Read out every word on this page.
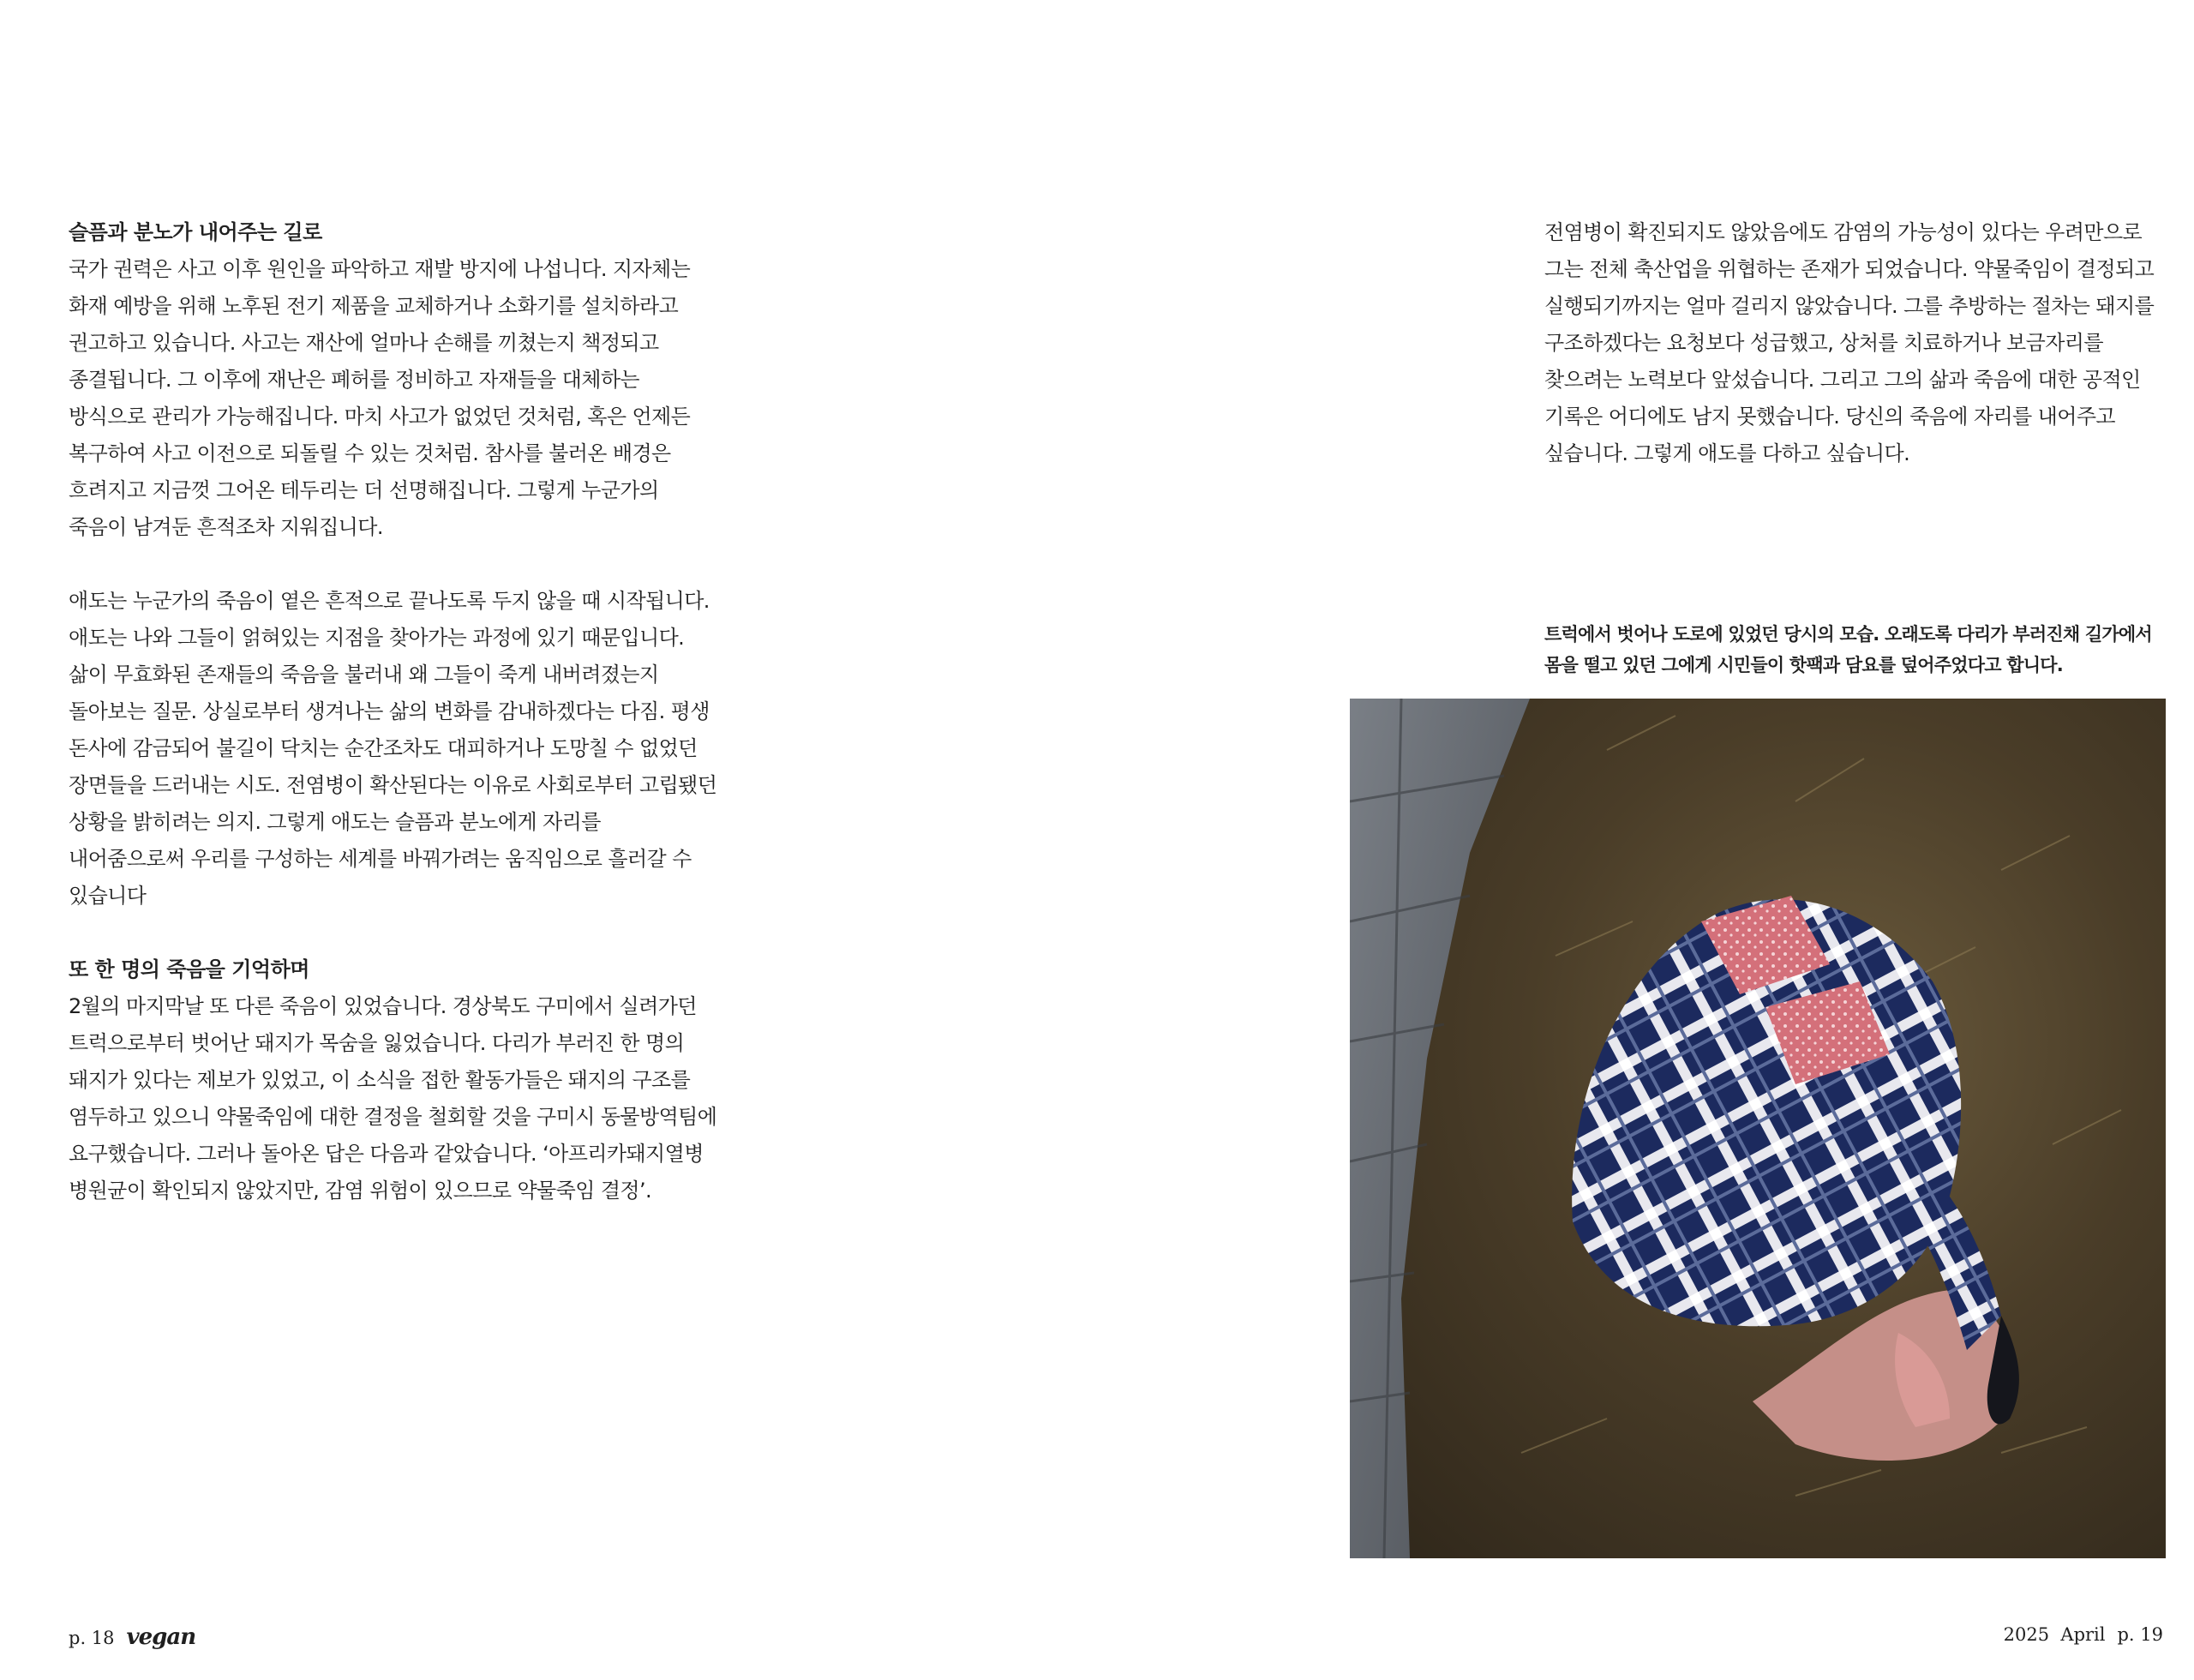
슬픔과 분노가 내어주는 길로

국가 권력은 사고 이후 원인을 파악하고 재발 방지에 나섭니다. 지자체는 화재 예방을 위해 노후된 전기 제품을 교체하거나 소화기를 설치하라고 권고하고 있습니다. 사고는 재산에 얼마나 손해를 끼쳤는지 책정되고 종결됩니다. 그 이후에 재난은 폐허를 정비하고 자재들을 대체하는 방식으로 관리가 가능해집니다. 마치 사고가 없었던 것처럼, 혹은 언제든 복구하여 사고 이전으로 되돌릴 수 있는 것처럼. 참사를 불러온 배경은 흐려지고 지금껏 그어온 테두리는 더 선명해집니다. 그렇게 누군가의 죽음이 남겨둔 흔적조차 지워집니다.

애도는 누군가의 죽음이 옅은 흔적으로 끝나도록 두지 않을 때 시작됩니다. 애도는 나와 그들이 얽혀있는 지점을 찾아가는 과정에 있기 때문입니다. 삶이 무효화된 존재들의 죽음을 불러내 왜 그들이 죽게 내버려졌는지 돌아보는 질문. 상실로부터 생겨나는 삶의 변화를 감내하겠다는 다짐. 평생 돈사에 감금되어 불길이 닥치는 순간조차도 대피하거나 도망칠 수 없었던 장면들을 드러내는 시도. 전염병이 확산된다는 이유로 사회로부터 고립됐던 상황을 밝히려는 의지. 그렇게 애도는 슬픔과 분노에게 자리를 내어줌으로써 우리를 구성하는 세계를 바꿔가려는 움직임으로 흘러갈 수 있습니다

또 한 명의 죽음을 기억하며

2월의 마지막날 또 다른 죽음이 있었습니다. 경상북도 구미에서 실려가던 트럭으로부터 벗어난 돼지가 목숨을 잃었습니다. 다리가 부러진 한 명의 돼지가 있다는 제보가 있었고, 이 소식을 접한 활동가들은 돼지의 구조를 염두하고 있으니 약물죽임에 대한 결정을 철회할 것을 구미시 동물방역팀에 요구했습니다. 그러나 돌아온 답은 다음과 같았습니다. ‘아프리카돼지열병 병원균이 확인되지 않았지만, 감염 위험이 있으므로 약물죽임 결정’.

전염병이 확진되지도 않았음에도 감염의 가능성이 있다는 우려만으로 그는 전체 축산업을 위협하는 존재가 되었습니다. 약물죽임이 결정되고 실행되기까지는 얼마 걸리지 않았습니다. 그를 추방하는 절차는 돼지를 구조하겠다는 요청보다 성급했고, 상처를 치료하거나 보금자리를 찾으려는 노력보다 앞섰습니다. 그리고 그의 삶과 죽음에 대한 공적인 기록은 어디에도 남지 못했습니다. 당신의 죽음에 자리를 내어주고 싶습니다. 그렇게 애도를 다하고 싶습니다.

트럭에서 벗어나 도로에 있었던 당시의 모습. 오래도록 다리가 부러진채 길가에서 몸을 떨고 있던 그에게 시민들이 핫팩과 담요를 덮어주었다고 합니다.

p. 18 vegan	2025  April p. 19
